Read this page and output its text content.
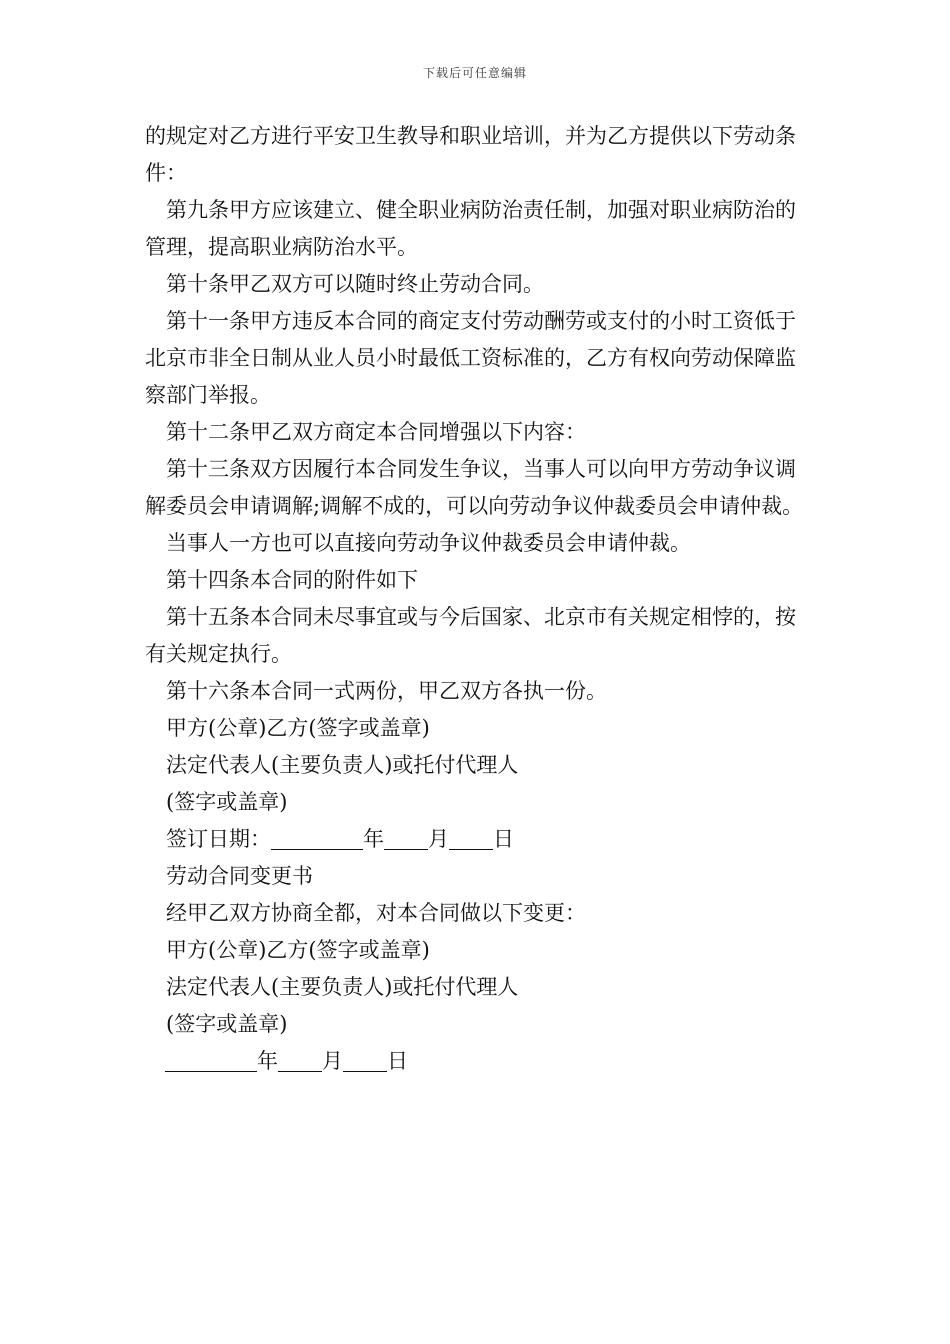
下载后可任意编辑

的规定对乙方进行平安卫生教导和职业培训，并为乙方提供以下劳动条件：

第九条甲方应该建立、健全职业病防治责任制，加强对职业病防治的管理，提高职业病防治水平。

第十条甲乙双方可以随时终止劳动合同。

第十一条甲方违反本合同的商定支付劳动酬劳或支付的小时工资低于北京市非全日制从业人员小时最低工资标准的，乙方有权向劳动保障监察部门举报。

第十二条甲乙双方商定本合同增强以下内容：

第十三条双方因履行本合同发生争议，当事人可以向甲方劳动争议调解委员会申请调解;调解不成的，可以向劳动争议仲裁委员会申请仲裁。

当事人一方也可以直接向劳动争议仲裁委员会申请仲裁。

第十四条本合同的附件如下

第十五条本合同未尽事宜或与今后国家、北京市有关规定相悖的，按有关规定执行。

第十六条本合同一式两份，甲乙双方各执一份。

甲方(公章)乙方(签字或盖章)

法定代表人(主要负责人)或托付代理人

(签字或盖章)

签订日期：	年 月 日

劳动合同变更书

经甲乙双方协商全都，对本合同做以下变更：

甲方(公章)乙方(签字或盖章)

法定代表人(主要负责人)或托付代理人

(签字或盖章)

年 月 日
